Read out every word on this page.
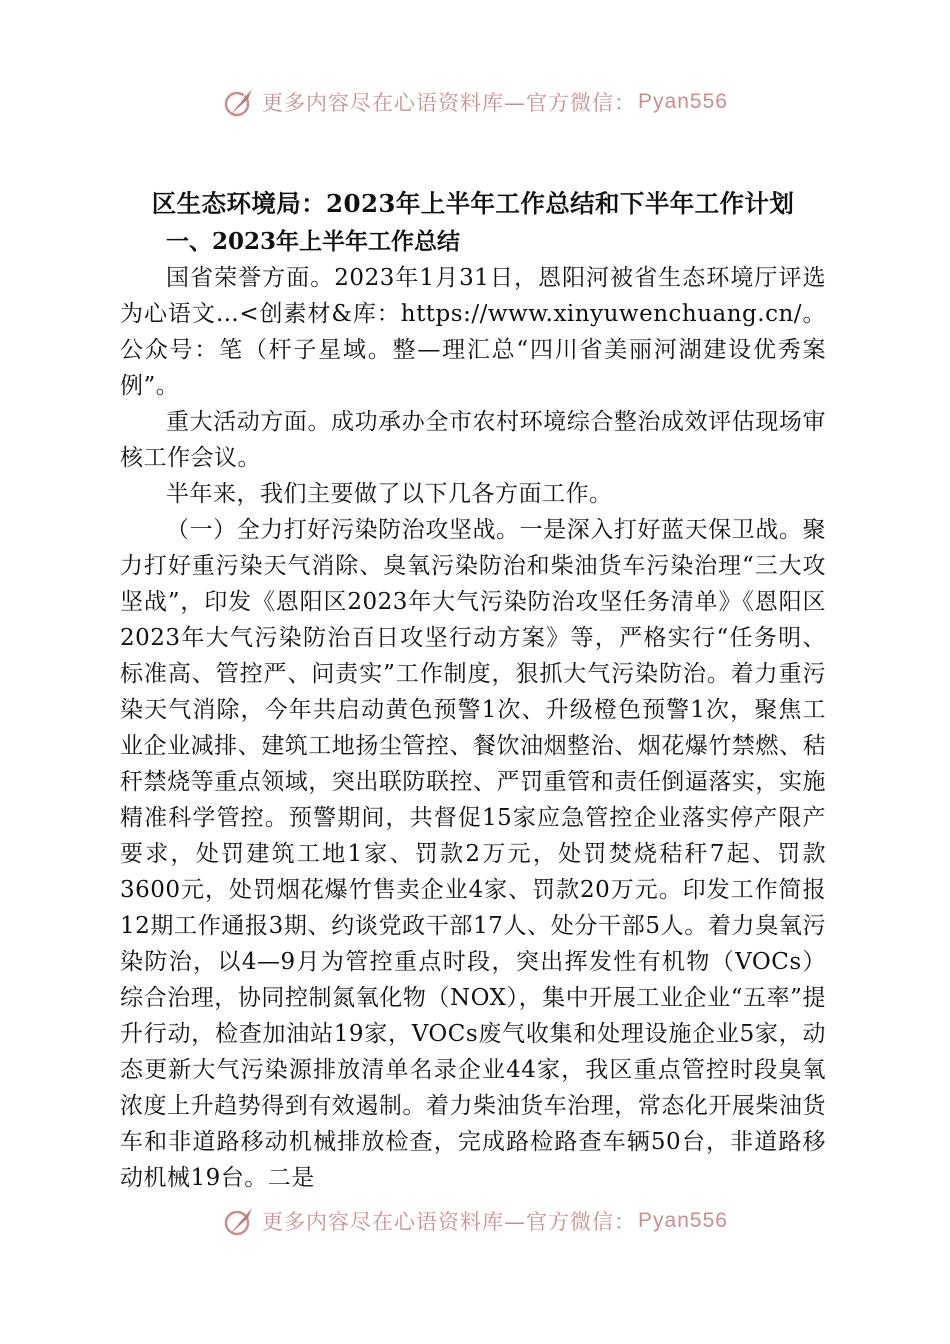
更多内容尽在心语资料库—官方微信： Pyan556
区生态环境局：2023年上半年工作总结和下半年工作计划
一、2023年上半年工作总结

国省荣誉方面。2023年1月31日，恩阳河被省生态环境厅评选为心语文…<创素材&库：https://www.xinyuwenchuang.cn/。公众号：笔（杆子星域。整—理汇总“四川省美丽河湖建设优秀案例”。

重大活动方面。成功承办全市农村环境综合整治成效评估现场审核工作会议。

半年来，我们主要做了以下几各方面工作。

（一）全力打好污染防治攻坚战。一是深入打好蓝天保卫战。聚力打好重污染天气消除、臭氧污染防治和柴油货车污染治理“三大攻坚战”，印发《恩阳区2023年大气污染防治攻坚任务清单》《恩阳区2023年大气污染防治百日攻坚行动方案》等，严格实行“任务明、标准高、管控严、问责实”工作制度，狠抓大气污染防治。着力重污染天气消除，今年共启动黄色预警1次、升级橙色预警1次，聚焦工业企业减排、建筑工地扬尘管控、餐饮油烟整治、烟花爆竹禁燃、秸秆禁烧等重点领域，突出联防联控、严罚重管和责任倒逼落实，实施精准科学管控。预警期间，共督促15家应急管控企业落实停产限产要求，处罚建筑工地1家、罚款2万元，处罚焚烧秸秆7起、罚款3600元，处罚烟花爆竹售卖企业4家、罚款20万元。印发工作简报12期工作通报3期、约谈党政干部17人、处分干部5人。着力臭氧污染防治，以4—9月为管控重点时段，突出挥发性有机物（VOCs）综合治理，协同控制氮氧化物（NOX），集中开展工业企业“五率”提升行动，检查加油站19家，VOCs废气收集和处理设施企业5家，动态更新大气污染源排放清单名录企业44家，我区重点管控时段臭氧浓度上升趋势得到有效遏制。着力柴油货车治理，常态化开展柴油货车和非道路移动机械排放检查，完成路检路查车辆50台，非道路移动机械19台。二是

更多内容尽在心语资料库—官方微信： Pyan556
